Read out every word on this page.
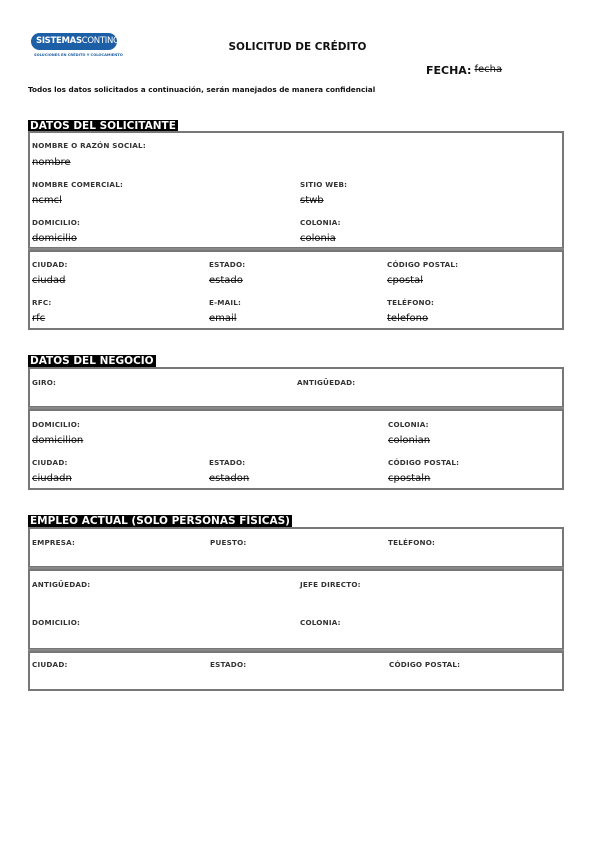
SISTEMASCONTINO
SOLUCIONES EN CRÉDITO Y COLOCAMIENTO
SOLICITUD DE CRÉDITO
FECHA: fecha
Todos los datos solicitados a continuación, serán manejados de manera confidencial
DATOS DEL SOLICITANTE
NOMBRE O RAZÓN SOCIAL:
nombre
NOMBRE COMERCIAL:
ncmcl
SITIO WEB:
stwb
DOMICILIO:
domicilio
COLONIA:
colonia
CIUDAD:
ciudad
ESTADO:
estado
CÓDIGO POSTAL:
cpostal
RFC:
rfc
E-MAIL:
email
TELÉFONO:
telefono
DATOS DEL NEGOCIO
GIRO:	ANTIGÜEDAD:
DOMICILIO:
domicilion
COLONIA:
colonian
CIUDAD:
ciudadn
ESTADO:
estadon
CÓDIGO POSTAL:
cpostaln
EMPLEO ACTUAL (SOLO PERSONAS FÍSICAS)
EMPRESA:	PUESTO:	TELÉFONO:
ANTIGÜEDAD:	JEFE DIRECTO:
DOMICILIO:	COLONIA:
CIUDAD:	ESTADO:	CÓDIGO POSTAL:
